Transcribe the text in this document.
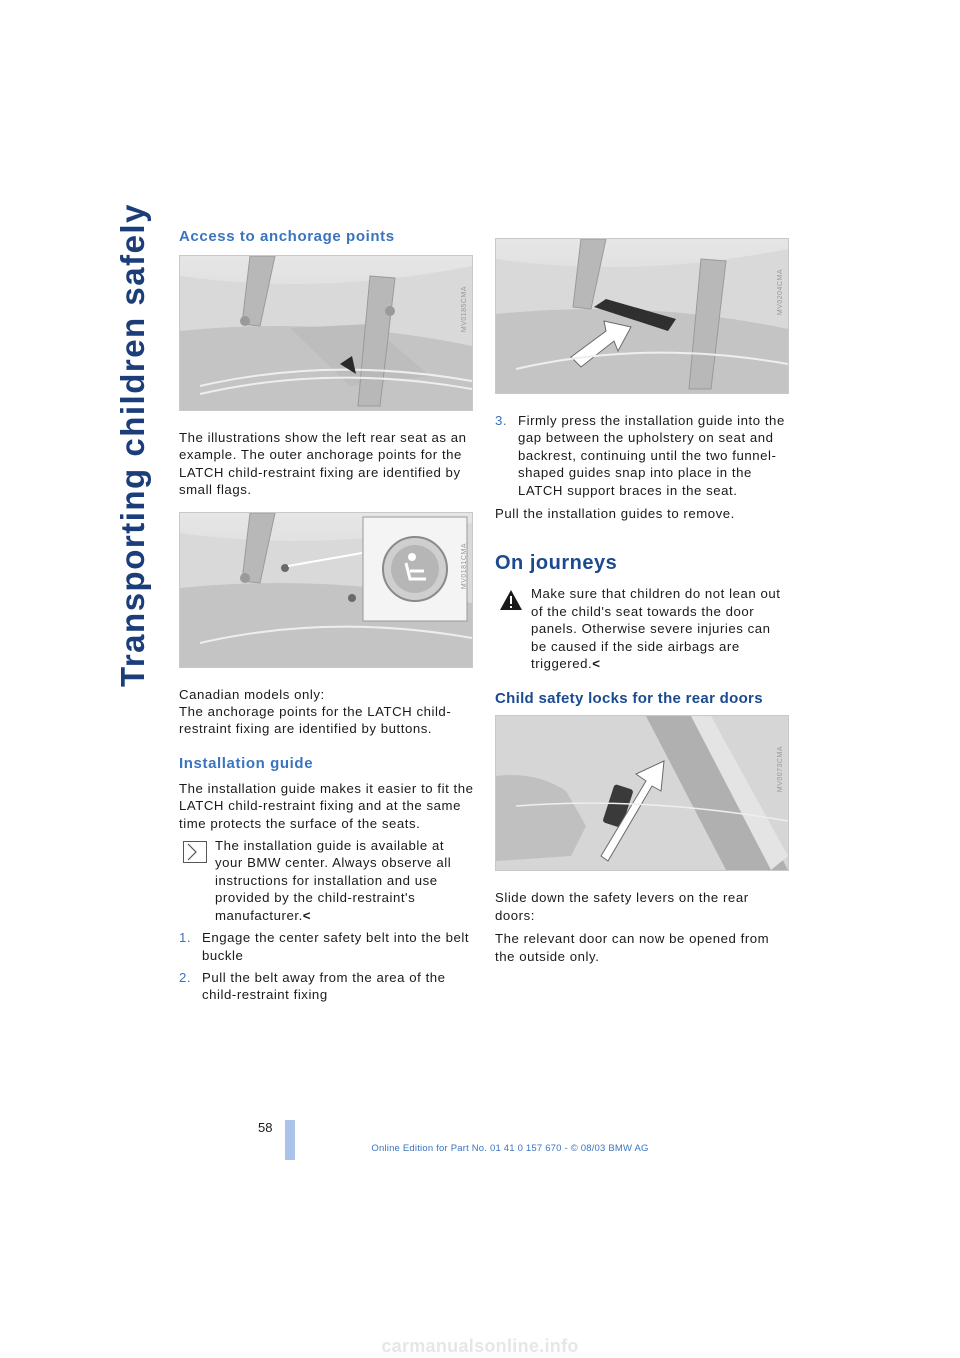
Transporting children safely Access to anchorage points
MV0185CMA

The illustrations show the left rear seat as an example. The outer anchorage points for the LATCH child-restraint fixing are identified by small flags.

MV0181CMA

Canadian models only:

The anchorage points for the LATCH child-restraint fixing are identified by buttons.

Installation guide

The installation guide makes it easier to fit the LATCH child-restraint fixing and at the same time protects the surface of the seats.

The installation guide is available at your BMW center. Always observe all instructions for installation and use provided by the child-restraint's manufacturer.<

1. Engage the center safety belt into the belt buckle
2. Pull the belt away from the area of the child-restraint fixing
MV0204CMA
3. Firmly press the installation guide into the gap between the upholstery on seat and backrest, continuing until the two funnel-shaped guides snap into place in the LATCH support braces in the seat.

Pull the installation guides to remove.

On journeys

Make sure that children do not lean out of the child's seat towards the door panels. Otherwise severe injuries can be caused if the side airbags are triggered.<

Child safety locks for the rear doors
MV0073CMA

Slide down the safety levers on the rear doors:

The relevant door can now be opened from the outside only.

58
Online Edition for Part No. 01 41 0 157 670 - © 08/03 BMW AG
carmanualsonline.info
